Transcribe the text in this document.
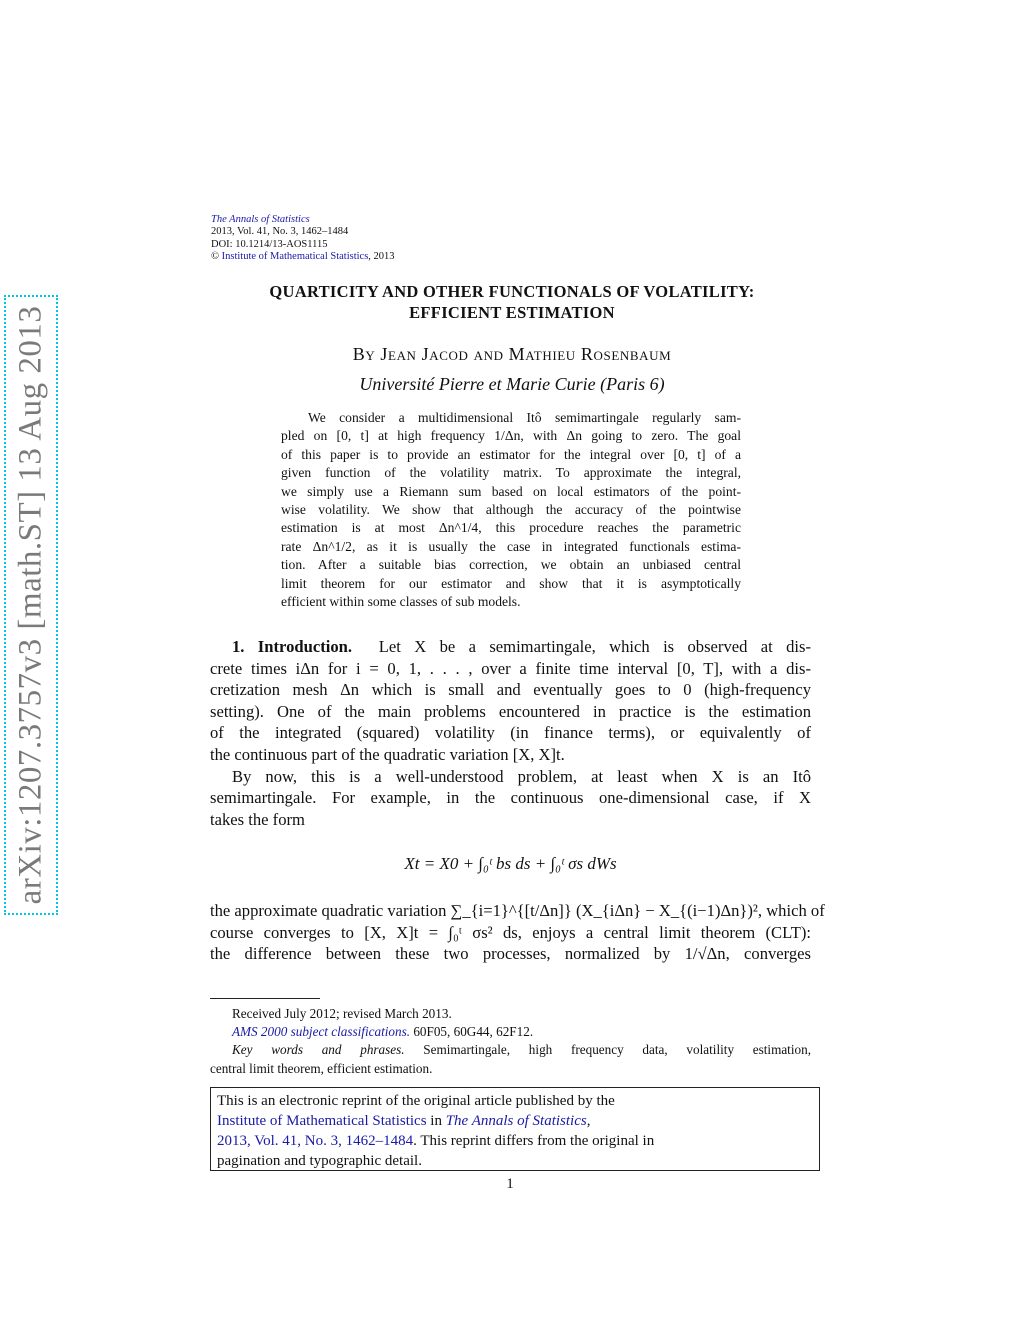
arXiv:1207.3757v3 [math.ST] 13 Aug 2013
The Annals of Statistics
2013, Vol. 41, No. 3, 1462–1484
DOI: 10.1214/13-AOS1115
© Institute of Mathematical Statistics, 2013
QUARTICITY AND OTHER FUNCTIONALS OF VOLATILITY:
EFFICIENT ESTIMATION
By Jean Jacod and Mathieu Rosenbaum
Université Pierre et Marie Curie (Paris 6)
We consider a multidimensional Itô semimartingale regularly sam-
pled on [0, t] at high frequency 1/Δn, with Δn going to zero. The goal
of this paper is to provide an estimator for the integral over [0, t] of a
given function of the volatility matrix. To approximate the integral,
we simply use a Riemann sum based on local estimators of the point-
wise volatility. We show that although the accuracy of the pointwise
estimation is at most Δn^1/4, this procedure reaches the parametric
rate Δn^1/2, as it is usually the case in integrated functionals estima-
tion. After a suitable bias correction, we obtain an unbiased central
limit theorem for our estimator and show that it is asymptotically
efficient within some classes of sub models.
1. Introduction. Let X be a semimartingale, which is observed at dis-
crete times iΔn for i = 0, 1, . . . , over a finite time interval [0, T], with a dis-
cretization mesh Δn which is small and eventually goes to 0 (high-frequency
setting). One of the main problems encountered in practice is the estimation
of the integrated (squared) volatility (in finance terms), or equivalently of
the continuous part of the quadratic variation [X, X]t.
By now, this is a well-understood problem, at least when X is an Itô
semimartingale. For example, in the continuous one-dimensional case, if X
takes the form
Xt = X0 + ∫₀ᵗ bs ds + ∫₀ᵗ σs dWs
the approximate quadratic variation ∑_{i=1}^{[t/Δn]} (X_{iΔn} − X_{(i−1)Δn})², which of
course converges to [X, X]t = ∫₀ᵗ σs² ds, enjoys a central limit theorem (CLT):
the difference between these two processes, normalized by 1/√Δn, converges
Received July 2012; revised March 2013.
AMS 2000 subject classifications. 60F05, 60G44, 62F12.
Key words and phrases. Semimartingale, high frequency data, volatility estimation,
central limit theorem, efficient estimation.
This is an electronic reprint of the original article published by the
Institute of Mathematical Statistics in The Annals of Statistics,
2013, Vol. 41, No. 3, 1462–1484. This reprint differs from the original in
pagination and typographic detail.
1
